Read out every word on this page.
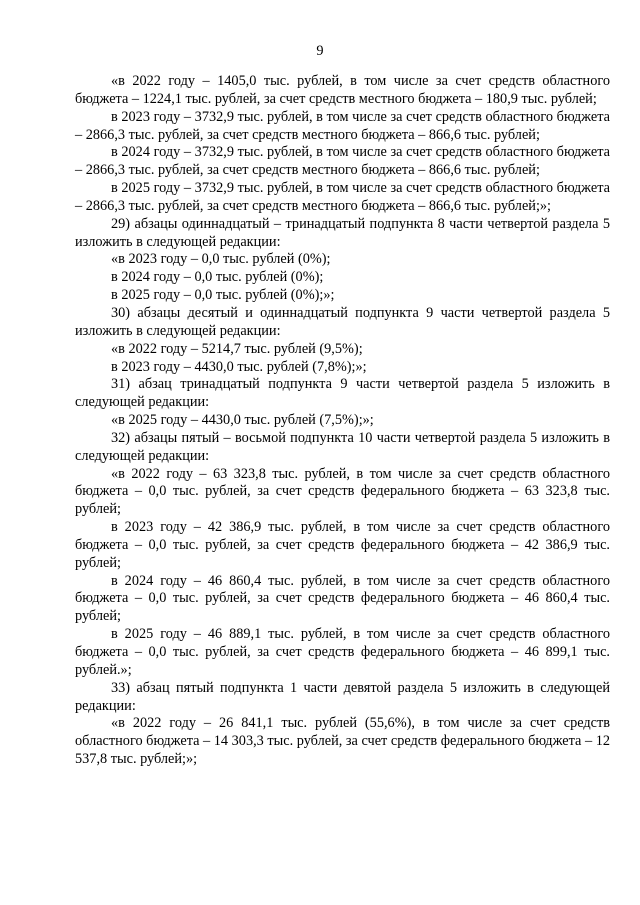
9

«в 2022 году – 1405,0 тыс. рублей, в том числе за счет средств областного бюджета – 1224,1 тыс. рублей, за счет средств местного бюджета – 180,9 тыс. рублей;

в 2023 году – 3732,9 тыс. рублей, в том числе за счет средств областного бюджета – 2866,3 тыс. рублей, за счет средств местного бюджета – 866,6 тыс. рублей;

в 2024 году – 3732,9 тыс. рублей, в том числе за счет средств областного бюджета – 2866,3 тыс. рублей, за счет средств местного бюджета – 866,6 тыс. рублей;

в 2025 году – 3732,9 тыс. рублей, в том числе за счет средств областного бюджета – 2866,3 тыс. рублей, за счет средств местного бюджета – 866,6 тыс. рублей;»;

29) абзацы одиннадцатый – тринадцатый подпункта 8 части четвертой раздела 5 изложить в следующей редакции:

«в 2023 году – 0,0 тыс. рублей (0%);

в 2024 году – 0,0 тыс. рублей (0%);

в 2025 году – 0,0 тыс. рублей (0%);»;

30) абзацы десятый и одиннадцатый подпункта 9 части четвертой раздела 5 изложить в следующей редакции:

«в 2022 году – 5214,7 тыс. рублей (9,5%);

в 2023 году – 4430,0 тыс. рублей (7,8%);»;

31) абзац тринадцатый подпункта 9 части четвертой раздела 5 изложить в следующей редакции:

«в 2025 году – 4430,0 тыс. рублей (7,5%);»;

32) абзацы пятый – восьмой подпункта 10 части четвертой раздела 5 изложить в следующей редакции:

«в 2022 году – 63 323,8 тыс. рублей, в том числе за счет средств областного бюджета – 0,0 тыс. рублей, за счет средств федерального бюджета – 63 323,8 тыс. рублей;

в 2023 году – 42 386,9 тыс. рублей, в том числе за счет средств областного бюджета – 0,0 тыс. рублей, за счет средств федерального бюджета – 42 386,9 тыс. рублей;

в 2024 году – 46 860,4 тыс. рублей, в том числе за счет средств областного бюджета – 0,0 тыс. рублей, за счет средств федерального бюджета – 46 860,4 тыс. рублей;

в 2025 году – 46 889,1 тыс. рублей, в том числе за счет средств областного бюджета – 0,0 тыс. рублей, за счет средств федерального бюджета – 46 899,1 тыс. рублей.»;

33) абзац пятый подпункта 1 части девятой раздела 5 изложить в следующей редакции:

«в 2022 году – 26 841,1 тыс. рублей (55,6%), в том числе за счет средств областного бюджета – 14 303,3 тыс. рублей, за счет средств федерального бюджета – 12 537,8 тыс. рублей;»;
